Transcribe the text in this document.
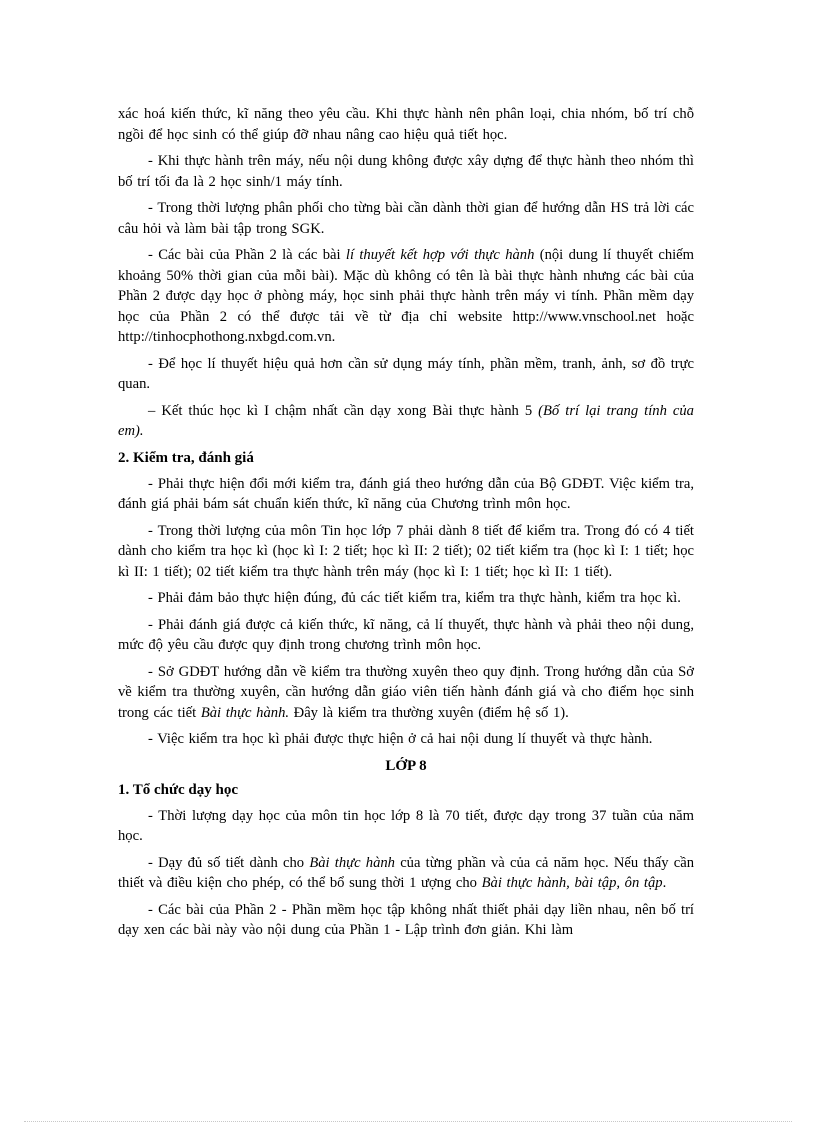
xác hoá kiến thức, kĩ năng theo yêu cầu. Khi thực hành nên phân loại, chia nhóm, bố trí chỗ ngồi để học sinh có thể giúp đỡ nhau nâng cao hiệu quả tiết học.

- Khi thực hành trên máy, nếu nội dung không được xây dựng để thực hành theo nhóm thì bố trí tối đa là 2 học sinh/1 máy tính.

- Trong thời lượng phân phối cho từng bài cần dành thời gian để hướng dẫn HS trả lời các câu hỏi và làm bài tập trong SGK.

- Các bài của Phần 2 là các bài lí thuyết kết hợp với thực hành (nội dung lí thuyết chiếm khoảng 50% thời gian của mỗi bài). Mặc dù không có tên là bài thực hành nhưng các bài của Phần 2 được dạy học ở phòng máy, học sinh phải thực hành trên máy vi tính. Phần mềm dạy học của Phần 2 có thể được tải về từ địa chỉ website http://www.vnschool.net hoặc http://tinhocphothong.nxbgd.com.vn.

- Để học lí thuyết hiệu quả hơn cần sử dụng máy tính, phần mềm, tranh, ảnh, sơ đồ trực quan.

– Kết thúc học kì I chậm nhất cần dạy xong Bài thực hành 5 (Bố trí lại trang tính của em).

2. Kiểm tra, đánh giá

- Phải thực hiện đổi mới kiểm tra, đánh giá theo hướng dẫn của Bộ GDĐT. Việc kiểm tra, đánh giá phải bám sát chuẩn kiến thức, kĩ năng của Chương trình môn học.

- Trong thời lượng của môn Tin học lớp 7 phải dành 8 tiết để kiểm tra. Trong đó có 4 tiết dành cho kiểm tra học kì (học kì I: 2 tiết; học kì II: 2 tiết); 02 tiết kiểm tra (học kì I: 1 tiết; học kì II: 1 tiết); 02 tiết kiểm tra thực hành trên máy (học kì I: 1 tiết; học kì II: 1 tiết).

- Phải đảm bảo thực hiện đúng, đủ các tiết kiểm tra, kiểm tra thực hành, kiểm tra học kì.

- Phải đánh giá được cả kiến thức, kĩ năng, cả lí thuyết, thực hành và phải theo nội dung, mức độ yêu cầu được quy định trong chương trình môn học.

- Sở GDĐT hướng dẫn về kiểm tra thường xuyên theo quy định. Trong hướng dẫn của Sở về kiểm tra thường xuyên, cần hướng dẫn giáo viên tiến hành đánh giá và cho điểm học sinh trong các tiết Bài thực hành. Đây là kiểm tra thường xuyên (điểm hệ số 1).

- Việc kiểm tra học kì phải được thực hiện ở cả hai nội dung lí thuyết và thực hành.

LỚP 8
1. Tổ chức dạy học

- Thời lượng dạy học của môn tin học lớp 8 là 70 tiết, được dạy trong 37 tuần của năm học.

- Dạy đủ số tiết dành cho Bài thực hành của từng phần và của cả năm học. Nếu thấy cần thiết và điều kiện cho phép, có thể bổ sung thời 1 ượng cho Bài thực hành, bài tập, ôn tập.

- Các bài của Phần 2 - Phần mềm học tập không nhất thiết phải dạy liền nhau, nên bố trí dạy xen các bài này vào nội dung của Phần 1 - Lập trình đơn giản. Khi làm
